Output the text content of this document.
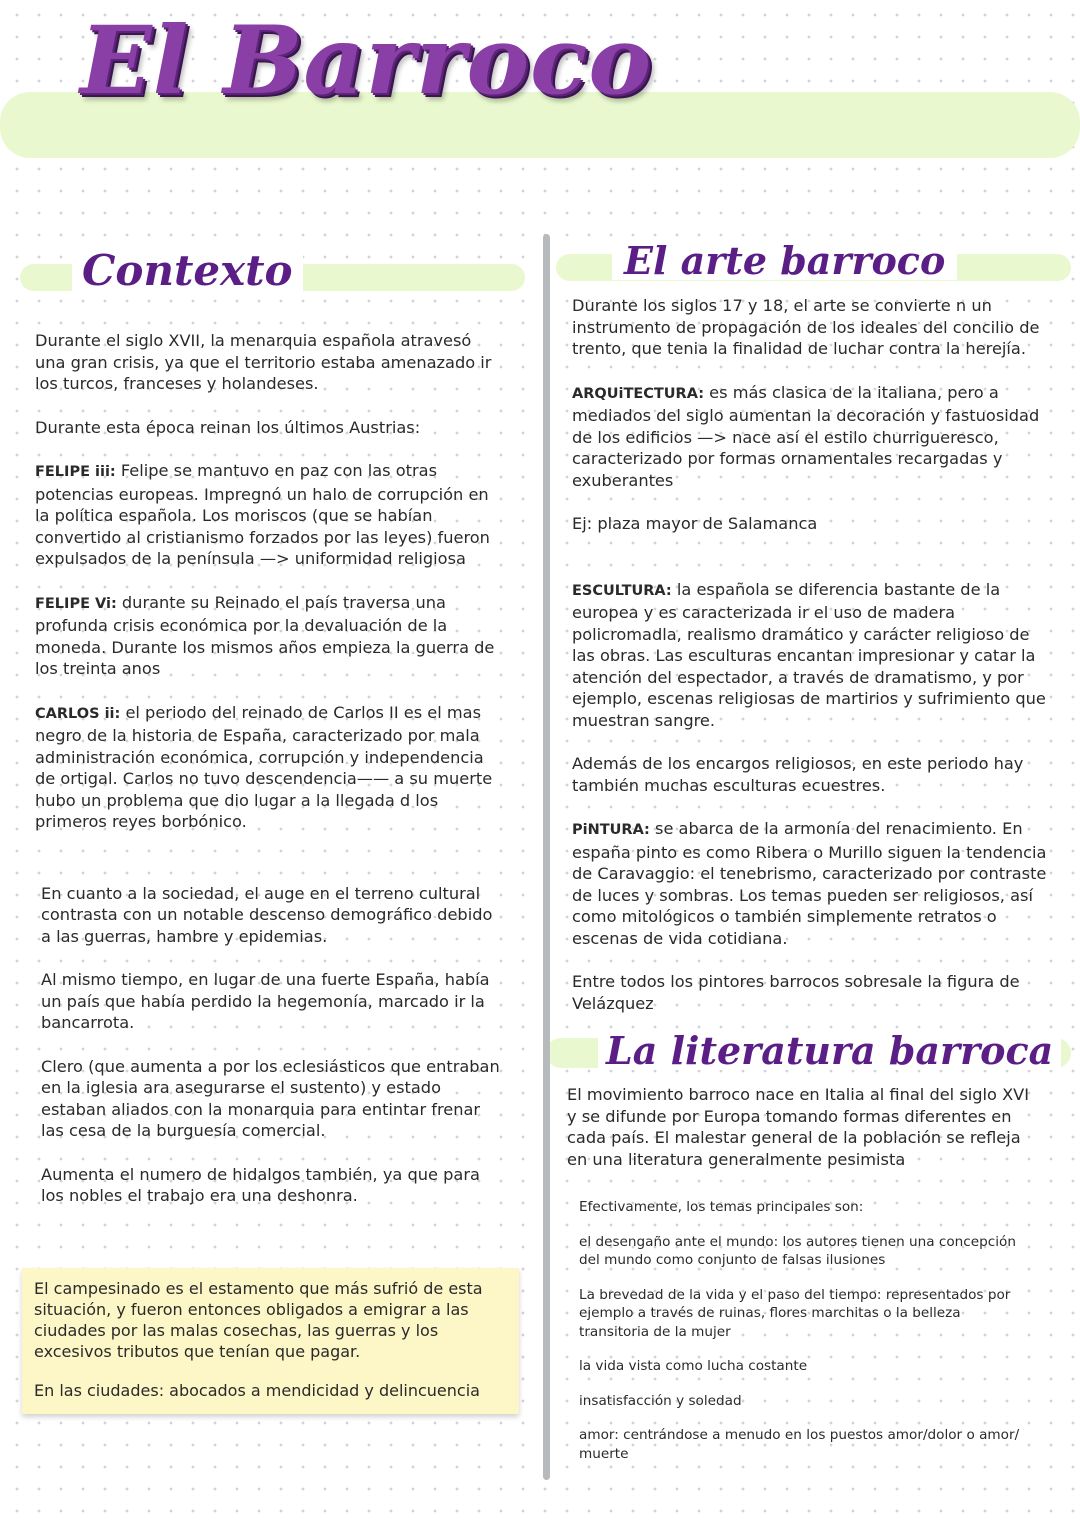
El Barroco
Contexto	El arte barroco
La literatura barroca

Durante el siglo XVII, la menarquia española atravesó una gran crisis, ya que el territorio estaba amenazado ir los turcos, franceses y holandeses.

Durante esta época reinan los últimos Austrias:

FELIPE iii: Felipe se mantuvo en paz con las otras potencias europeas. Impregnó un halo de corrupción en la política española. Los moriscos (que se habían convertido al cristianismo forzados por las leyes) fueron expulsados de la península —> uniformidad religiosa

FELIPE Vi: durante su Reinado el país traversa una profunda crisis económica por la devaluación de la moneda. Durante los mismos años empieza la guerra de los treinta anos

CARLOS ii: el periodo del reinado de Carlos II es el mas negro de la historia de España, caracterizado por mala administración económica, corrupción y independencia de ortigal. Carlos no tuvo descendencia—— a su muerte hubo un problema que dio lugar a la llegada d los primeros reyes borbónico.

En cuanto a la sociedad, el auge en el terreno cultural contrasta con un notable descenso demográfico debido a las guerras, hambre y epidemias.

Al mismo tiempo, en lugar de una fuerte España, había un país que había perdido la hegemonía, marcado ir la bancarrota.

Clero (que aumenta a por los eclesiásticos que entraban en la iglesia ara asegurarse el sustento) y estado estaban aliados con la monarquia para entintar frenar las cesa de la burguesía comercial.

Aumenta el numero de hidalgos también, ya que para los nobles el trabajo era una deshonra.

El campesinado es el estamento que más sufrió de esta situación, y fueron entonces obligados a emigrar a las ciudades por las malas cosechas, las guerras y los excesivos tributos que tenían que pagar.

En las ciudades: abocados a mendicidad y delincuencia

Durante los siglos 17 y 18, el arte se convierte n un instrumento de propagación de los ideales del concilio de trento, que tenia la finalidad de luchar contra la herejía.

ARQUiTECTURA: es más clasica de la italiana, pero a mediados del siglo aumentan la decoración y fastuosidad de los edificios —> nace así el estilo churrigueresco, caracterizado por formas ornamentales recargadas y exuberantes

Ej: plaza mayor de Salamanca

ESCULTURA: la española se diferencia bastante de la europea y es caracterizada ir el uso de madera policromadla, realismo dramático y carácter religioso de las obras. Las esculturas encantan impresionar y catar la atención del espectador, a través de dramatismo, y por ejemplo, escenas religiosas de martirios y sufrimiento que muestran sangre.

Además de los encargos religiosos, en este periodo hay también muchas esculturas ecuestres.

PiNTURA: se abarca de la armonía del renacimiento. En españa pinto es como Ribera o Murillo siguen la tendencia de Caravaggio: el tenebrismo, caracterizado por contraste de luces y sombras. Los temas pueden ser religiosos, así como mitológicos o también simplemente retratos o escenas de vida cotidiana.

Entre todos los pintores barrocos sobresale la figura de Velázquez

El movimiento barroco nace en Italia al final del siglo XVI y se difunde por Europa tomando formas diferentes en cada país. El malestar general de la población se refleja en una literatura generalmente pesimista

Efectivamente, los temas principales son:

el desengaño ante el mundo: los autores tienen una concepción del mundo como conjunto de falsas ilusiones

La brevedad de la vida y el paso del tiempo: representados por ejemplo a través de ruinas, flores marchitas o la belleza transitoria de la mujer

la vida vista como lucha costante

insatisfacción y soledad

amor: centrándose a menudo en los puestos amor/dolor o amor/ muerte
